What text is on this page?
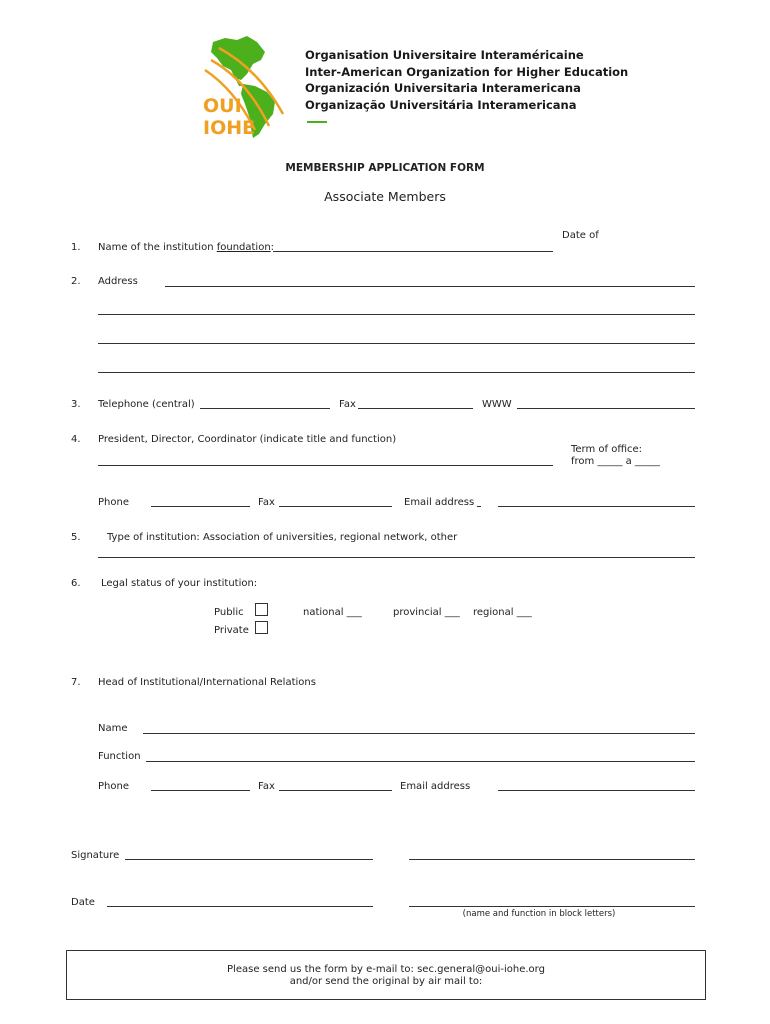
OUI
IOHE
Organisation Universitaire Interaméricaine
Inter-American Organization for Higher Education
Organización Universitaria Interamericana
Organização Universitária Interamericana
MEMBERSHIP APPLICATION FORM
Associate Members
1. Name of the institution foundation:
Date of
2. Address
3. Telephone (central)	Fax	WWW
4. President, Director, Coordinator (indicate title and function)
Term of office:
from _____ a _____
Phone	Fax	Email address
5.	Type of institution: Association of universities, regional network, other
6. Legal status of your institution:
Public
Private
national ___	provincial ___ regional ___
7. Head of Institutional/International Relations
Name
Function
Phone	Fax	Email address
Signature
Date
(name and function in block letters)
Please send us the form by e-mail to: sec.general@oui-iohe.org
and/or send the original by air mail to:
